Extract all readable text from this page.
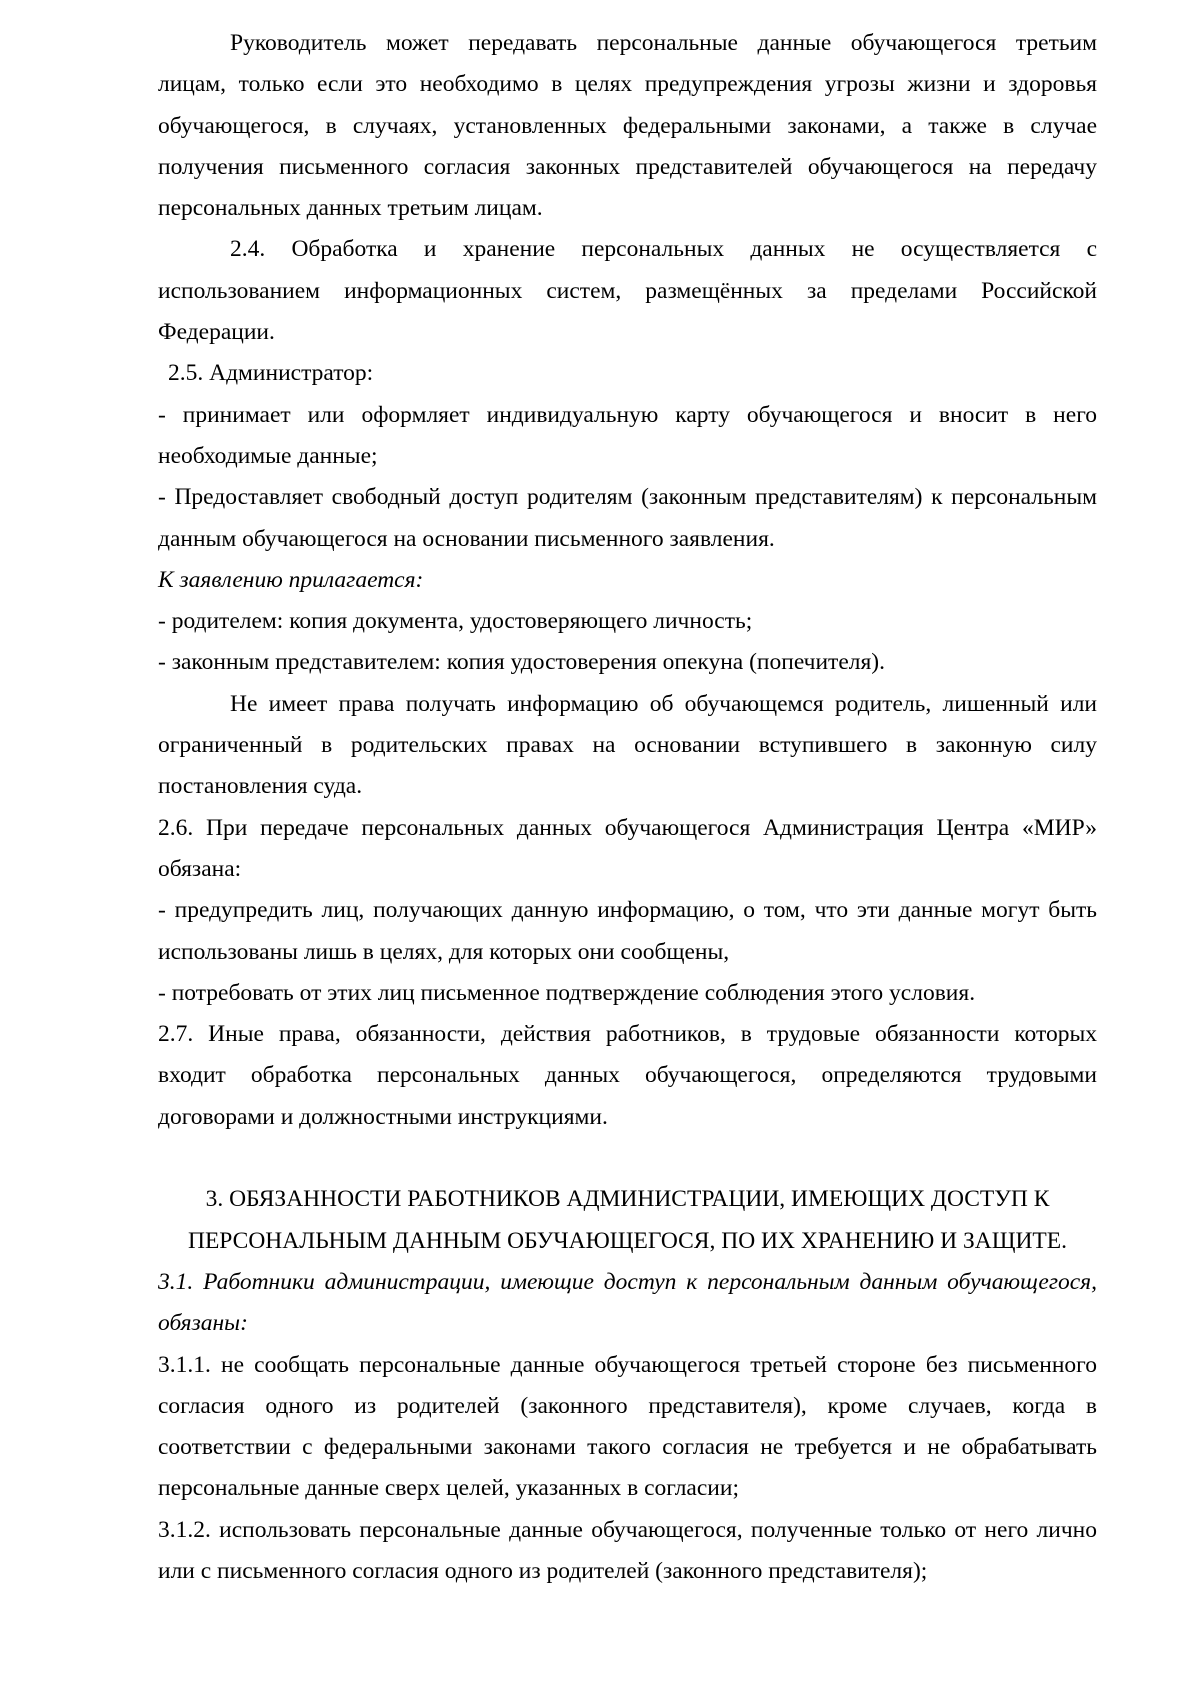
Руководитель может передавать персональные данные обучающегося третьим
лицам, только если это необходимо в целях предупреждения угрозы жизни и здоровья
обучающегося, в случаях, установленных федеральными законами, а также в случае
получения письменного согласия законных представителей обучающегося на передачу
персональных данных третьим лицам.
2.4. Обработка и хранение персональных данных не осуществляется с
использованием информационных систем, размещённых за пределами Российской
Федерации.
2.5. Администратор:
- принимает или оформляет индивидуальную карту обучающегося и вносит в него
необходимые данные;
- Предоставляет свободный доступ родителям (законным представителям) к персональным
данным обучающегося на основании письменного заявления.
К заявлению прилагается:
- родителем: копия документа, удостоверяющего личность;
- законным представителем: копия удостоверения опекуна (попечителя).
Не имеет права получать информацию об обучающемся родитель, лишенный или
ограниченный в родительских правах на основании вступившего в законную силу
постановления суда.
2.6. При передаче персональных данных обучающегося Администрация Центра «МИР»
обязана:
- предупредить лиц, получающих данную информацию, о том, что эти данные могут быть
использованы лишь в целях, для которых они сообщены,
- потребовать от этих лиц письменное подтверждение соблюдения этого условия.
2.7. Иные права, обязанности, действия работников, в трудовые обязанности которых
входит обработка персональных данных обучающегося, определяются трудовыми
договорами и должностными инструкциями.
3. ОБЯЗАННОСТИ РАБОТНИКОВ АДМИНИСТРАЦИИ, ИМЕЮЩИХ ДОСТУП К
ПЕРСОНАЛЬНЫМ ДАННЫМ ОБУЧАЮЩЕГОСЯ, ПО ИХ ХРАНЕНИЮ И ЗАЩИТЕ.
3.1. Работники администрации, имеющие доступ к персональным данным обучающегося,
обязаны:
3.1.1. не сообщать персональные данные обучающегося третьей стороне без письменного
согласия одного из родителей (законного представителя), кроме случаев, когда в
соответствии с федеральными законами такого согласия не требуется и не обрабатывать
персональные данные сверх целей, указанных в согласии;
3.1.2. использовать персональные данные обучающегося, полученные только от него лично
или с письменного согласия одного из родителей (законного представителя);
